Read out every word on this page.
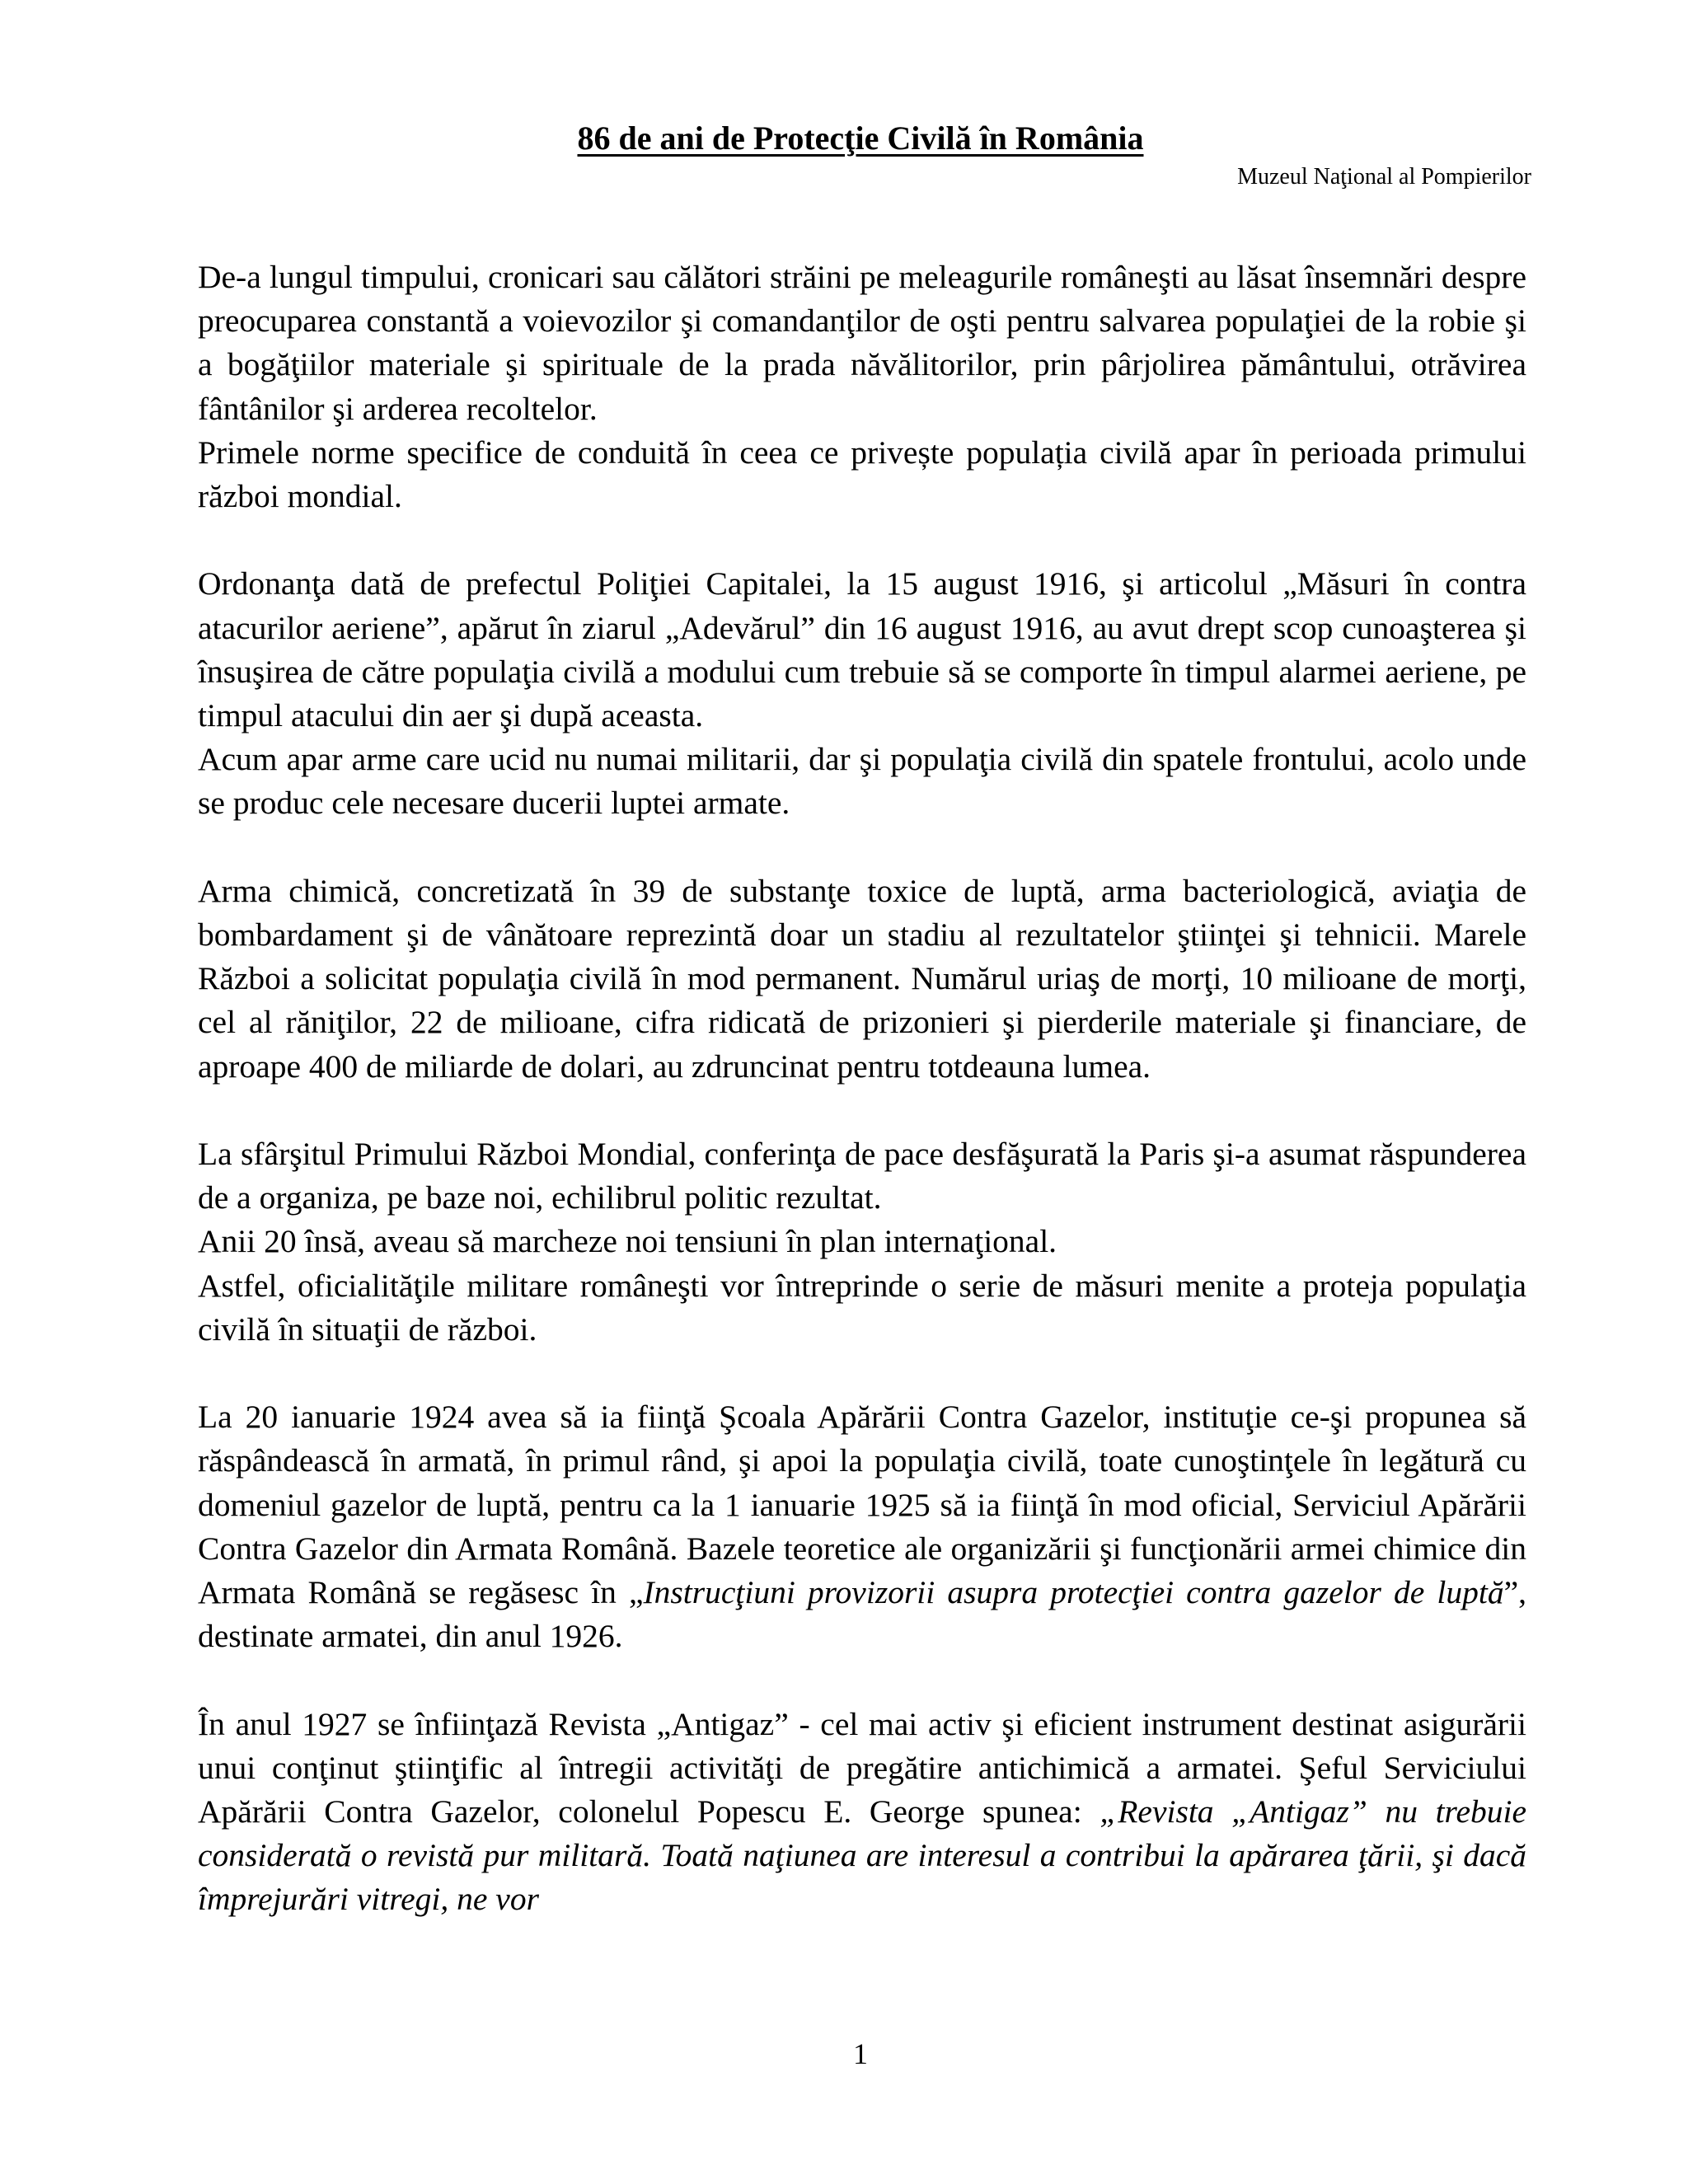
86 de ani de Protecţie Civilă în România

Muzeul Naţional al Pompierilor

De-a lungul timpului, cronicari sau călători străini pe meleagurile româneşti au lăsat însemnări despre preocuparea constantă a voievozilor şi comandanţilor de oşti pentru salvarea populaţiei de la robie şi a bogăţiilor materiale şi spirituale de la prada năvălitorilor, prin pârjolirea pământului, otrăvirea fântânilor şi arderea recoltelor.
Primele norme specifice de conduită în ceea ce privește populația civilă apar în perioada primului război mondial.

Ordonanţa dată de prefectul Poliţiei Capitalei, la 15 august 1916, şi articolul „Măsuri în contra atacurilor aeriene”, apărut în ziarul „Adevărul” din 16 august 1916, au avut drept scop cunoaşterea şi însuşirea de către populaţia civilă a modului cum trebuie să se comporte în timpul alarmei aeriene, pe timpul atacului din aer şi după aceasta.
Acum apar arme care ucid nu numai militarii, dar şi populaţia civilă din spatele frontului, acolo unde se produc cele necesare ducerii luptei armate.

Arma chimică, concretizată în 39 de substanţe toxice de luptă, arma bacteriologică, aviaţia de bombardament şi de vânătoare reprezintă doar un stadiu al rezultatelor ştiinţei şi tehnicii. Marele Război a solicitat populaţia civilă în mod permanent. Numărul uriaş de morţi, 10 milioane de morţi, cel al răniţilor, 22 de milioane, cifra ridicată de prizonieri şi pierderile materiale şi financiare, de aproape 400 de miliarde de dolari, au zdruncinat pentru totdeauna lumea.

La sfârşitul Primului Război Mondial, conferinţa de pace desfăşurată la Paris şi-a asumat răspunderea de a organiza, pe baze noi, echilibrul politic rezultat.
Anii 20 însă, aveau să marcheze noi tensiuni în plan internaţional.
Astfel, oficialităţile militare româneşti vor întreprinde o serie de măsuri menite a proteja populaţia civilă în situaţii de război.

La 20 ianuarie 1924 avea să ia fiinţă Şcoala Apărării Contra Gazelor, instituţie ce-şi propunea să răspândească în armată, în primul rând, şi apoi la populaţia civilă, toate cunoştinţele în legătură cu domeniul gazelor de luptă, pentru ca la 1 ianuarie 1925 să ia fiinţă în mod oficial, Serviciul Apărării Contra Gazelor din Armata Română. Bazele teoretice ale organizării şi funcţionării armei chimice din Armata Română se regăsesc în „Instrucţiuni provizorii asupra protecţiei contra gazelor de luptă”, destinate armatei, din anul 1926.

În anul 1927 se înfiinţază Revista „Antigaz” - cel mai activ şi eficient instrument destinat asigurării unui conţinut ştiinţific al întregii activităţi de pregătire antichimică a armatei. Şeful Serviciului Apărării Contra Gazelor, colonelul Popescu E. George spunea: „Revista „Antigaz” nu trebuie considerată o revistă pur militară. Toată naţiunea are interesul a contribui la apărarea ţării, şi dacă împrejurări vitregi, ne vor

1
